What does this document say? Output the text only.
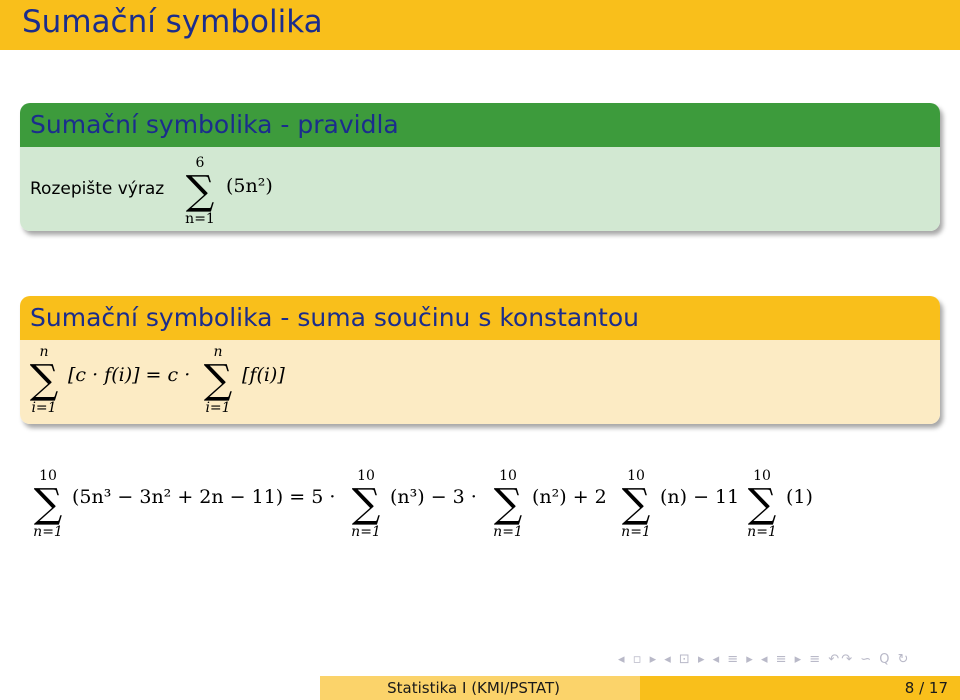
Sumační symbolika
Sumační symbolika - pravidla
Rozepište výraz
6
∑
n=1
(5n²)
Sumační symbolika - suma součinu s konstantou
n
∑
i=1
[c · f(i)] = c ·
n
∑
i=1
[f(i)]
10
∑
n=1
(5n³ − 3n² + 2n − 11) = 5 ·
10
∑
n=1
(n³) − 3 ·
10
∑
n=1
(n²) + 2
10
∑
n=1
(n) − 11
10
∑
n=1
(1)
◂ ▫ ▸ ◂ ⊡ ▸ ◂ ≡ ▸ ◂ ≡ ▸ ≡ ↶↷ ∽ Q ↻
Statistika I (KMI/PSTAT)	8 / 17
